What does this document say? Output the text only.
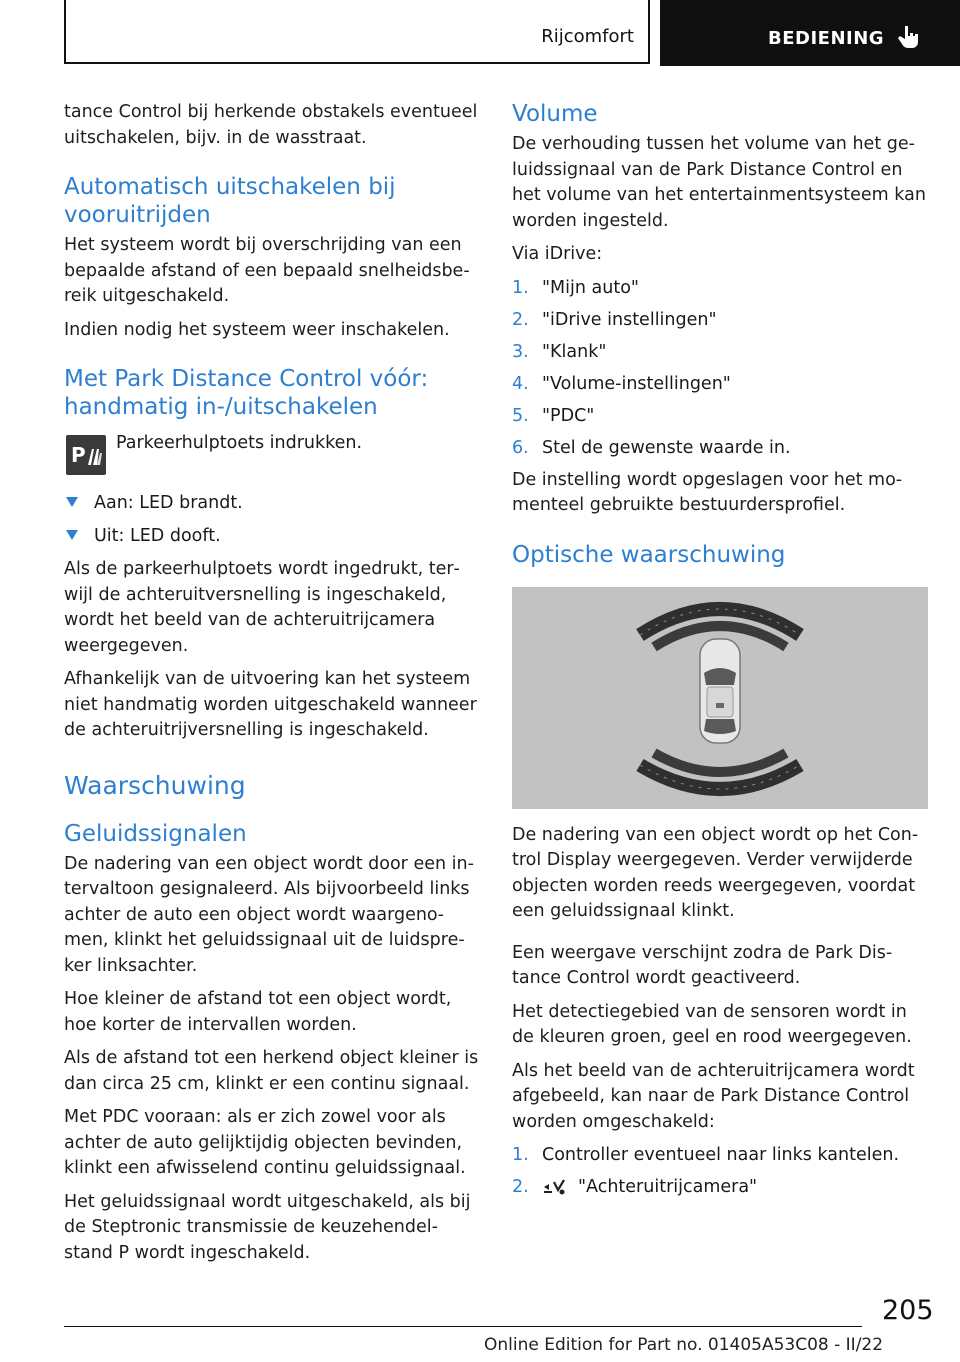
Rijcomfort	BEDIENING

tance Control bij herkende obstakels eventueel uitschakelen, bijv. in de wasstraat.

Automatisch uitschakelen bij vooruitrijden

Het systeem wordt bij overschrijding van een bepaalde afstand of een bepaald snelheidsbereik uitgeschakeld.

Indien nodig het systeem weer inschakelen.

Met Park Distance Control vóór: handmatig in-/uitschakelen
P Parkeerhulptoets indrukken.
Aan: LED brandt.
Uit: LED dooft.

Als de parkeerhulptoets wordt ingedrukt, terwijl de achteruitversnelling is ingeschakeld, wordt het beeld van de achteruitrijcamera weergegeven.

Afhankelijk van de uitvoering kan het systeem niet handmatig worden uitgeschakeld wanneer de achteruitrijversnelling is ingeschakeld.

Waarschuwing
Geluidssignalen

De nadering van een object wordt door een intervaltoon gesignaleerd. Als bijvoorbeeld links achter de auto een object wordt waargenomen, klinkt het geluidssignaal uit de luidspreker linksachter.

Hoe kleiner de afstand tot een object wordt, hoe korter de intervallen worden.

Als de afstand tot een herkend object kleiner is dan circa 25 cm, klinkt er een continu signaal.

Met PDC vooraan: als er zich zowel voor als achter de auto gelijktijdig objecten bevinden, klinkt een afwisselend continu geluidssignaal.

Het geluidssignaal wordt uitgeschakeld, als bij de Steptronic transmissie de keuzehendelstand P wordt ingeschakeld.

Volume

De verhouding tussen het volume van het geluidssignaal van de Park Distance Control en het volume van het entertainmentsysteem kan worden ingesteld.

Via iDrive:

1. "Mijn auto"
2. "iDrive instellingen"
3. "Klank"
4. "Volume-instellingen"
5. "PDC"
6. Stel de gewenste waarde in.

De instelling wordt opgeslagen voor het momenteel gebruikte bestuurdersprofiel.

Optische waarschuwing

De nadering van een object wordt op het Control Display weergegeven. Verder verwijderde objecten worden reeds weergegeven, voordat een geluidssignaal klinkt.

Een weergave verschijnt zodra de Park Distance Control wordt geactiveerd.

Het detectiegebied van de sensoren wordt in de kleuren groen, geel en rood weergegeven.

Als het beeld van de achteruitrijcamera wordt afgebeeld, kan naar de Park Distance Control worden omgeschakeld:

1. Controller eventueel naar links kantelen.
2.	"Achteruitrijcamera"
205
Online Edition for Part no. 01405A53C08 - II/22
